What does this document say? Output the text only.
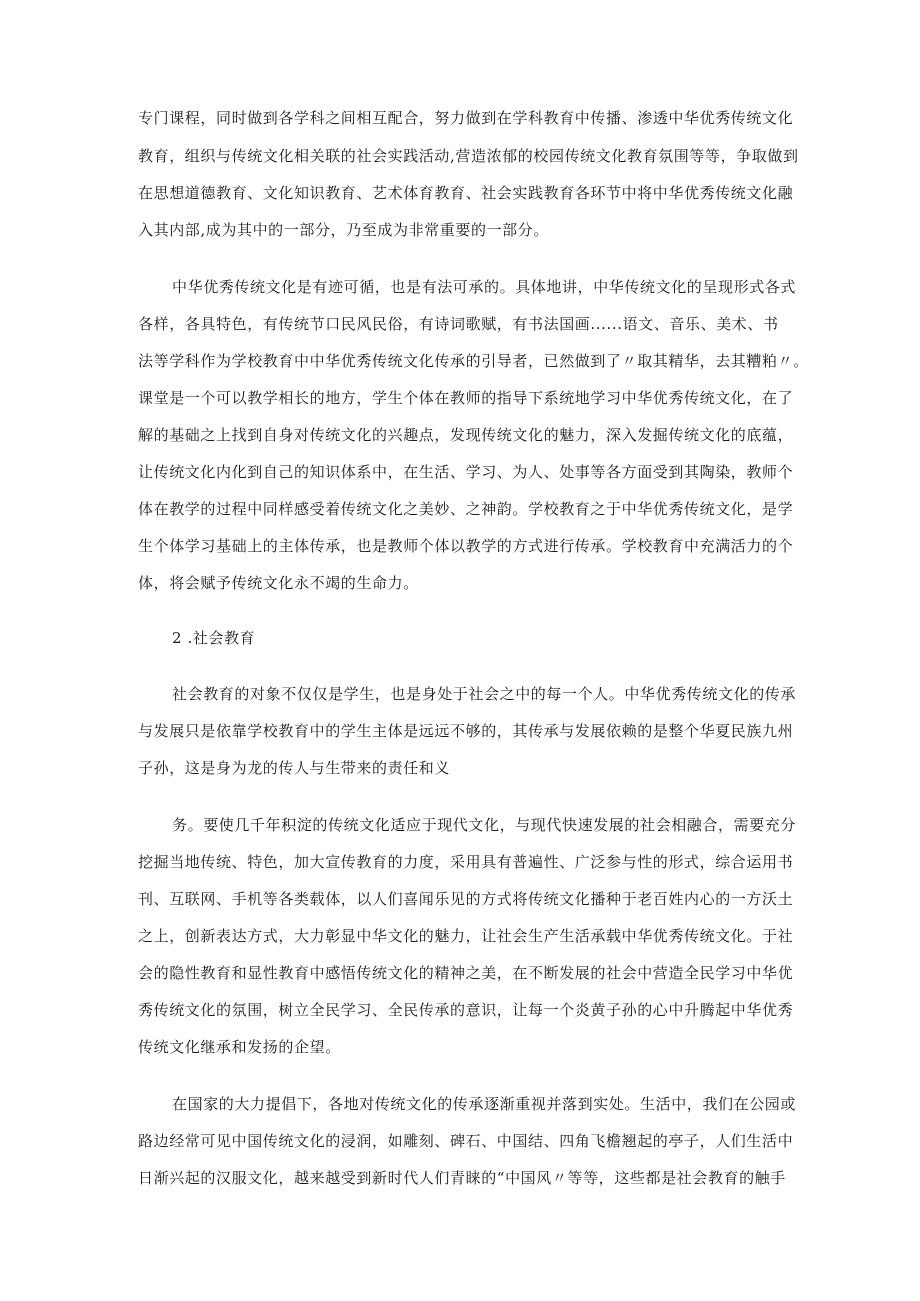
专门课程，同时做到各学科之间相互配合，努力做到在学科教育中传播、渗透中华优秀传统文化

教育，组织与传统文化相关联的社会实践活动,营造浓郁的校园传统文化教育氛围等等，争取做到

在思想道德教育、文化知识教育、艺术体育教育、社会实践教育各环节中将中华优秀传统文化融

入其内部,成为其中的一部分，乃至成为非常重要的一部分。

中华优秀传统文化是有迹可循，也是有法可承的。具体地讲，中华传统文化的呈现形式各式

各样，各具特色，有传统节口民风民俗，有诗词歌赋，有书法国画......语文、音乐、美术、书

法等学科作为学校教育中中华优秀传统文化传承的引导者，已然做到了〃取其精华，去其糟粕〃。

课堂是一个可以教学相长的地方，学生个体在教师的指导下系统地学习中华优秀传统文化，在了

解的基础之上找到自身对传统文化的兴趣点，发现传统文化的魅力，深入发掘传统文化的底蕴，

让传统文化内化到自己的知识体系中，在生活、学习、为人、处事等各方面受到其陶染，教师个

体在教学的过程中同样感受着传统文化之美妙、之神韵。学校教育之于中华优秀传统文化，是学

生个体学习基础上的主体传承，也是教师个体以教学的方式进行传承。学校教育中充满活力的个

体，将会赋予传统文化永不竭的生命力。

2 .社会教育

社会教育的对象不仅仅是学生，也是身处于社会之中的每一个人。中华优秀传统文化的传承

与发展只是依靠学校教育中的学生主体是远远不够的，其传承与发展依赖的是整个华夏民族九州

子孙，这是身为龙的传人与生带来的责任和义

务。要使几千年积淀的传统文化适应于现代文化，与现代快速发展的社会相融合，需要充分

挖掘当地传统、特色，加大宣传教育的力度，采用具有普遍性、广泛参与性的形式，综合运用书

刊、互联网、手机等各类载体，以人们喜闻乐见的方式将传统文化播种于老百姓内心的一方沃土

之上，创新表达方式，大力彰显中华文化的魅力，让社会生产生活承载中华优秀传统文化。于社

会的隐性教育和显性教育中感悟传统文化的精神之美，在不断发展的社会中营造全民学习中华优

秀传统文化的氛围，树立全民学习、全民传承的意识，让每一个炎黄子孙的心中升腾起中华优秀

传统文化继承和发扬的企望。

在国家的大力提倡下，各地对传统文化的传承逐渐重视并落到实处。生活中，我们在公园或

路边经常可见中国传统文化的浸润，如雕刻、碑石、中国结、四角飞檐翘起的亭子，人们生活中

日渐兴起的汉服文化，越来越受到新时代人们青睐的“中国风〃等等，这些都是社会教育的触手
